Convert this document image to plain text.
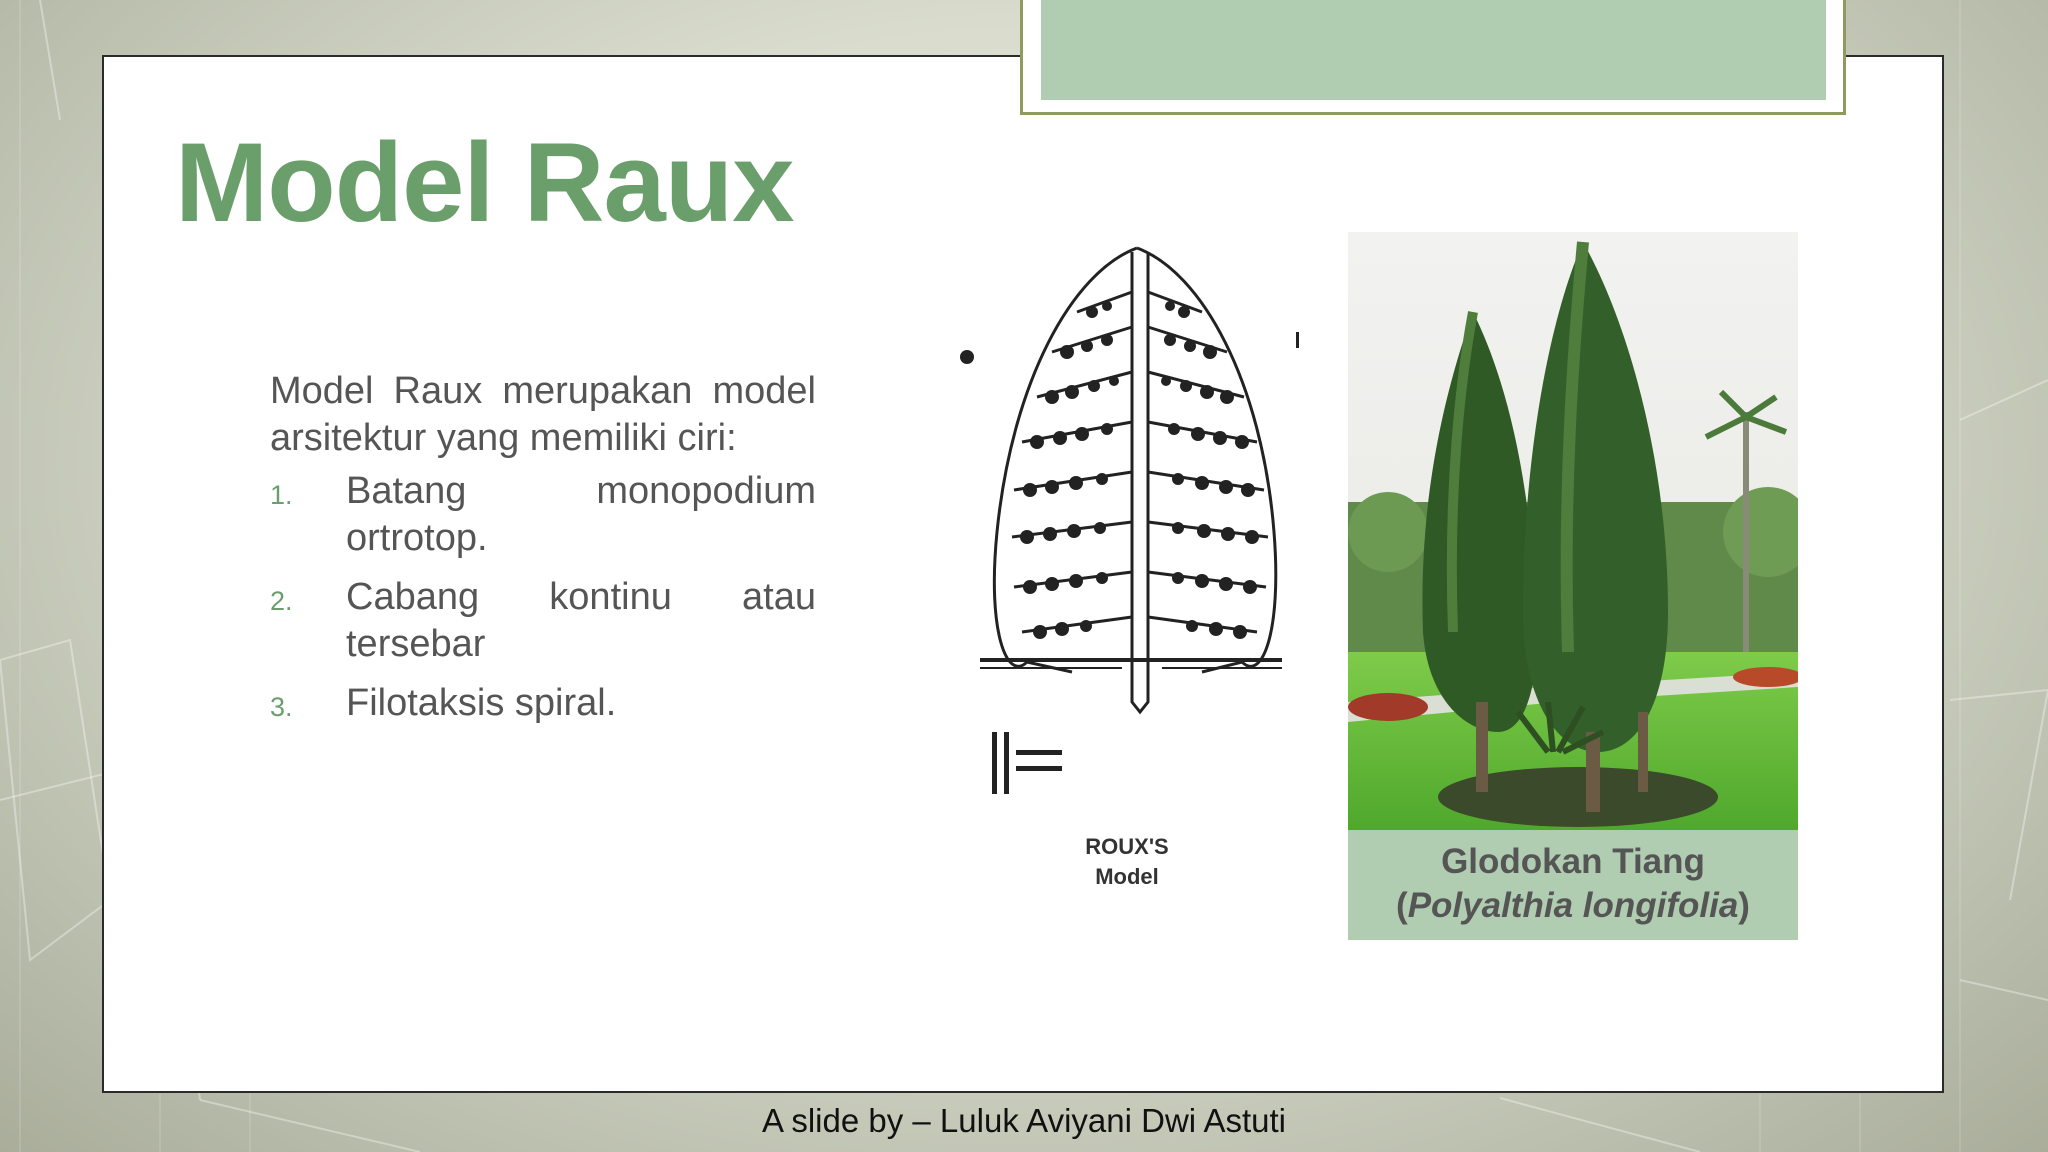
Model Raux

Model Raux merupakan model arsitektur yang memiliki ciri:

1. Batang	monopodium
ortrotop.
2. Cabang kontinu atau
tersebar
3. Filotaksis spiral.
ROUX'S
Model	Glodokan Tiang
(Polyalthia longifolia)
A slide by – Luluk Aviyani Dwi Astuti
